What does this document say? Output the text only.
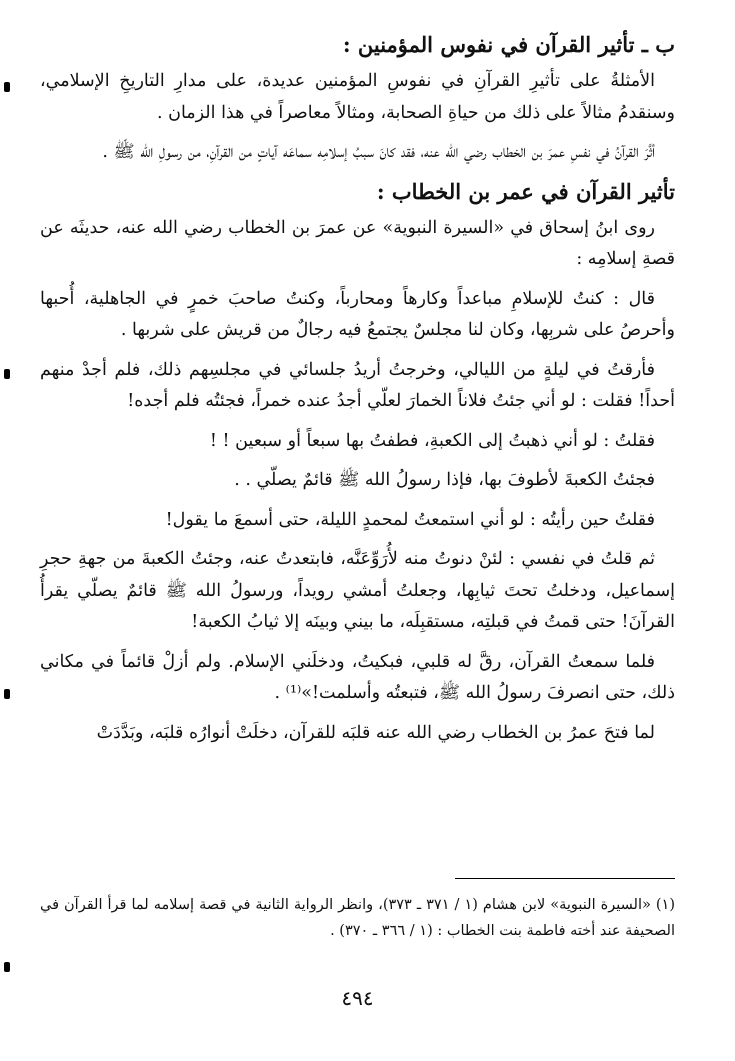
ب ـ تأثير القرآن في نفوس المؤمنين :

الأمثلةُ على تأثيرِ القرآنِ في نفوسِ المؤمنين عديدة، على مدارِ التاريخِ الإسلامي، وسنقدمُ مثالاً على ذلك من حياةِ الصحابة، ومثالاً معاصراً في هذا الزمان .

أثَّرَ القرآنُ في نفسِ عمرَ بن الخطاب رضي الله عنه، فقد كانَ سببُ إسلامِه سماعَه آياتٍ من القرآنِ، من رسولِ الله ﷺ .

تأثير القرآن في عمر بن الخطاب :

روى ابنُ إسحاق في «السيرة النبوية» عن عمرَ بن الخطاب رضي الله عنه، حديثَه عن قصةِ إسلامِه :

قال : كنتُ للإسلامِ مباعداً وكارهاً ومحارباً، وكنتُ صاحبَ خمرٍ في الجاهلية، أُحبها وأحرصُ على شربِها، وكان لنا مجلسٌ يجتمعُ فيه رجالٌ من قريش على شربها .

فأرقتُ في ليلةٍ من الليالي، وخرجتُ أريدُ جلسائي في مجلسِهم ذلك، فلم أجدْ منهم أحداً! فقلت : لو أني جئتُ فلاناً الخمارَ لعلّي أجدُ عنده خمراً، فجئتُه فلم أجده!

فقلتُ : لو أني ذهبتُ إلى الكعبةِ، فطفتُ بها سبعاً أو سبعين ! !

فجئتُ الكعبةَ لأطوفَ بها، فإذا رسولُ الله ﷺ قائمٌ يصلّي . .

فقلتُ حين رأيتُه : لو أني استمعتُ لمحمدٍ الليلة، حتى أسمعَ ما يقول!

ثم قلتُ في نفسي : لئنْ دنوتُ منه لأُرَوِّعَنَّه، فابتعدتُ عنه، وجئتُ الكعبةَ من جهةِ حجرِ إسماعيل، ودخلتُ تحتَ ثيابِها، وجعلتُ أمشي رويداً، ورسولُ الله ﷺ قائمٌ يصلّي يقرأُ القرآنَ! حتى قمتُ في قبلتِه، مستقبِلَه، ما بيني وبينَه إلا ثيابُ الكعبة!

فلما سمعتُ القرآن، رقَّ له قلبي، فبكيتُ، ودخلَني الإسلام. ولم أزلْ قائماً في مكاني ذلك، حتى انصرفَ رسولُ الله ﷺ، فتبعتُه وأسلمت!»⁽¹⁾ .

لما فتحَ عمرُ بن الخطاب رضي الله عنه قلبَه للقرآن، دخلَتْ أنوارُه قلبَه، وبَدَّدَتْ

(١) «السيرة النبوية» لابن هشام (١ / ٣٧١ ـ ٣٧٣)، وانظر الرواية الثانية في قصة إسلامه لما قرأ القرآن في الصحيفة عند أخته فاطمة بنت الخطاب : (١ / ٣٦٦ ـ ٣٧٠) .
٤٩٤
